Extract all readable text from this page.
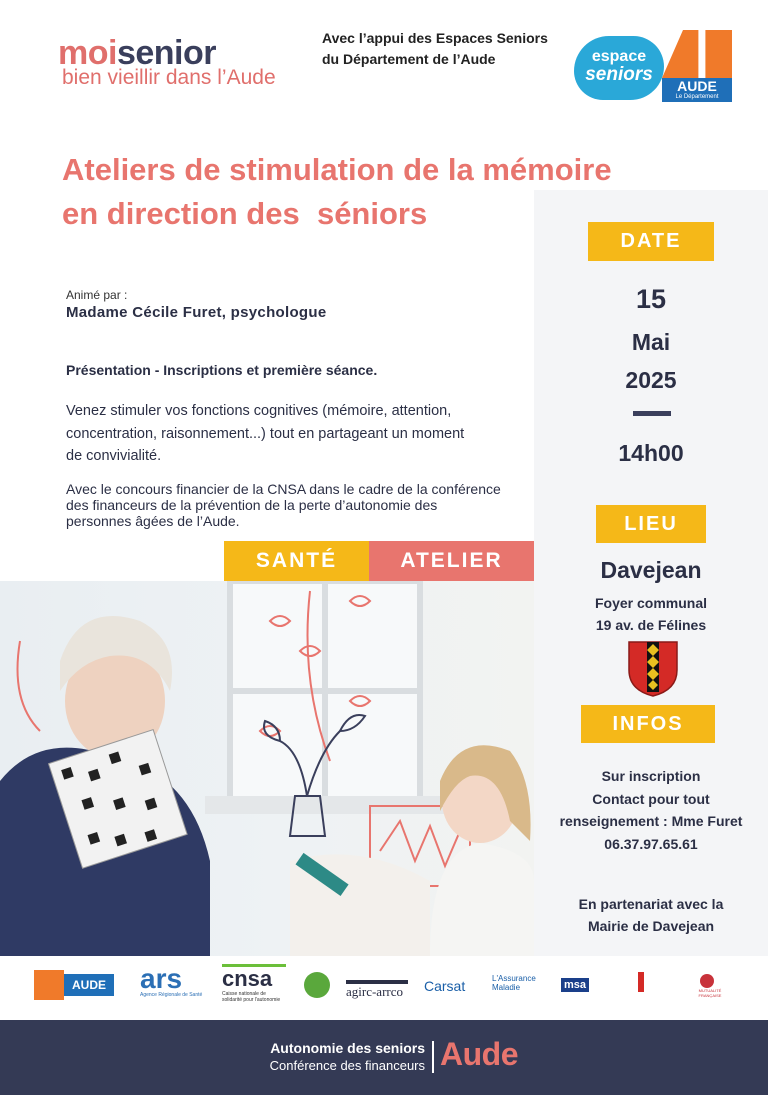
moisenior
bien vieillir dans l’Aude
Avec l’appui des Espaces Seniors
du Département de l’Aude	espace
seniors
AUDE
Le Département
Ateliers de stimulation de la mémoire
en direction des  séniors
DATE
15
Mai
2025
14h00
LIEU
Davejean
Foyer communal
19 av. de Félines
INFOS
Sur inscription
Contact pour tout
renseignement : Mme Furet
06.37.97.65.61
En partenariat avec la
Mairie de Davejean
Animé par :
Madame Cécile Furet, psychologue
Présentation - Inscriptions et première séance.
Venez stimuler vos fonctions cognitives (mémoire, attention, concentration, raisonnement...) tout en partageant un moment de convivialité.
Avec le concours financier de la CNSA dans le cadre de la conférence des financeurs de la prévention de la perte d’autonomie des personnes âgées de l’Aude.
SANTÉ	ATELIER
AUDE ars
Agence Régionale de Santé
cnsa
Caisse nationale de solidarité pour l'autonomie
agirc-arrco	Carsat	L'Assurance Maladie	msa	MUTUALITÉ FRANÇAISE
Autonomie des seniors
Conférence des financeurs Aude
